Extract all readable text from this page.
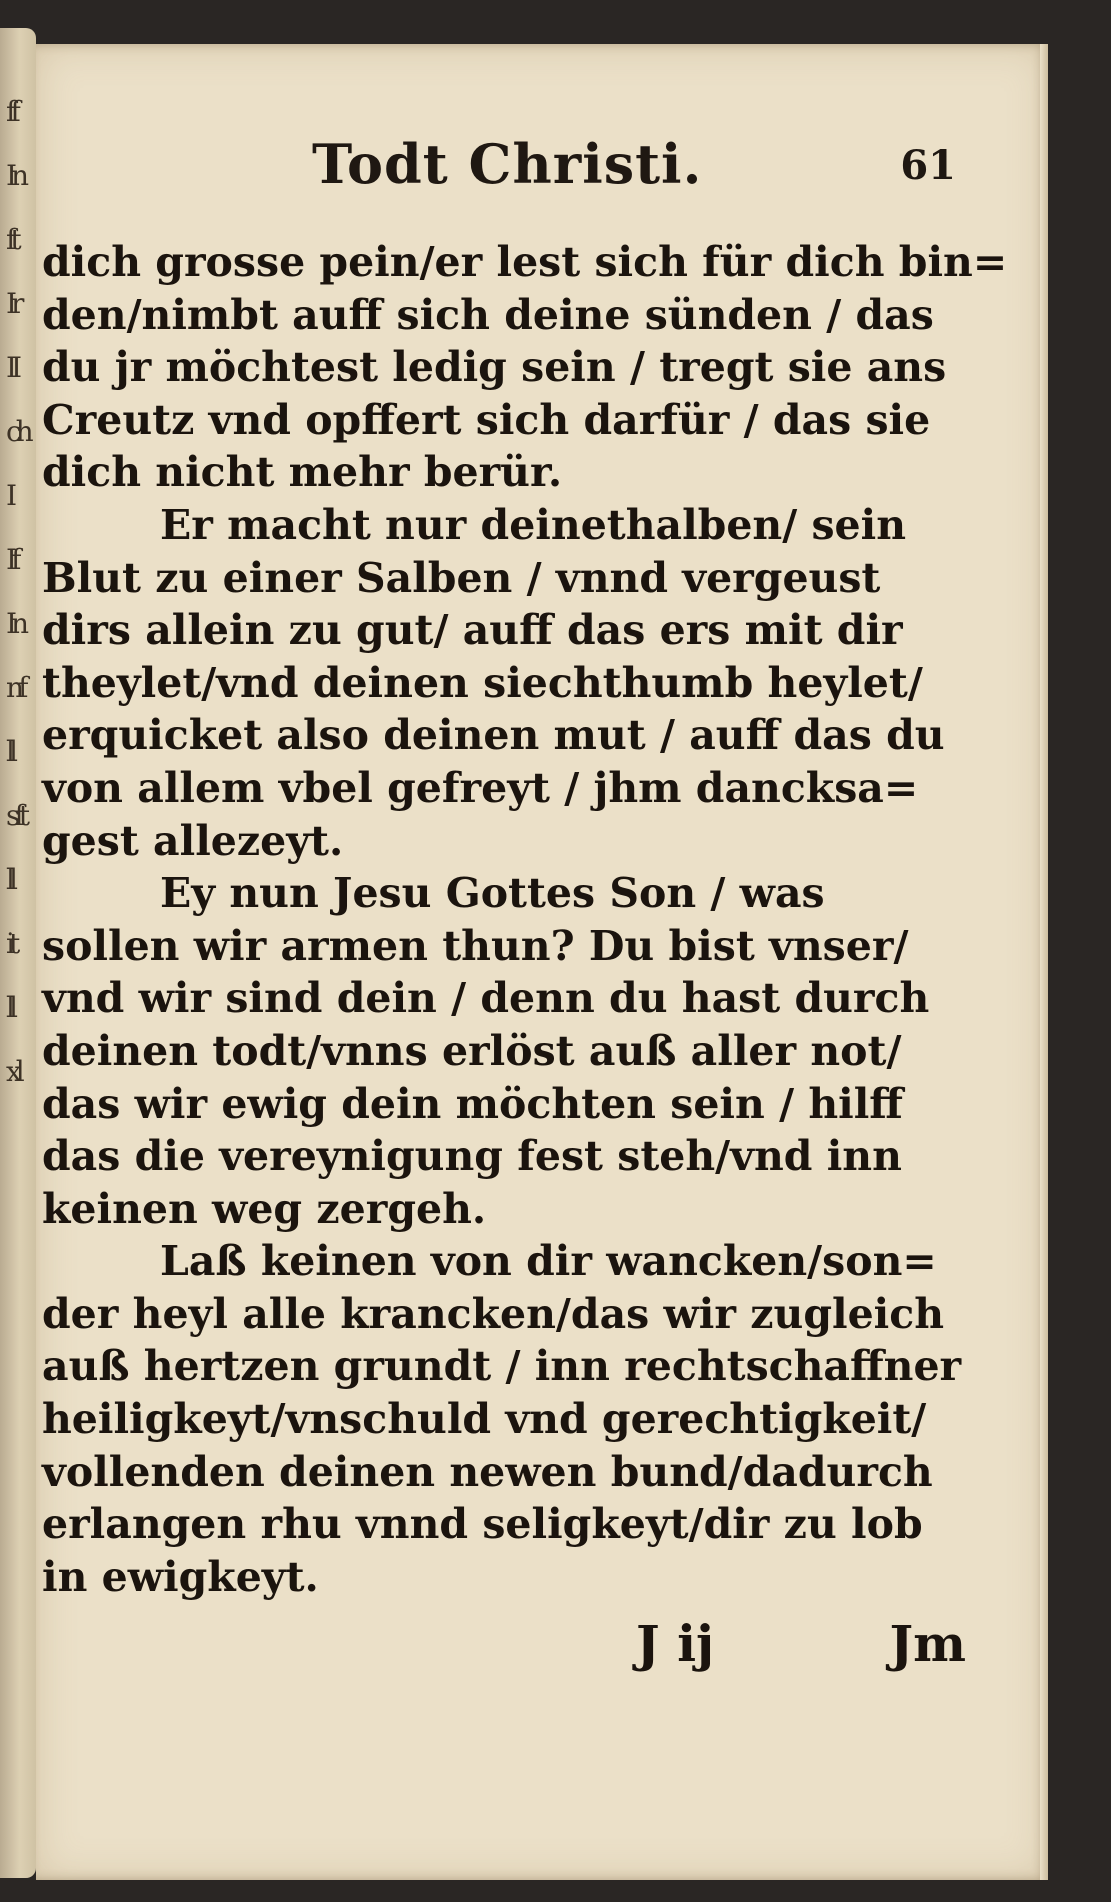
ff
In
ft
Ir
II
ch
I
If
In
nf
ll
sft
ll
it
ll
xl
Todt Christi.	61
dich grosse pein/er lest sich für dich bin=
den/nimbt auff sich deine sünden / das
du jr möchtest ledig sein / tregt sie ans
Creutz vnd opffert sich darfür / das sie
dich nicht mehr berür.
Er macht nur deinethalben/ sein
Blut zu einer Salben / vnnd vergeust
dirs allein zu gut/ auff das ers mit dir
theylet/vnd deinen siechthumb heylet/
erquicket also deinen mut / auff das du
von allem vbel gefreyt / jhm dancksa=
gest allezeyt.
Ey nun Jesu Gottes Son / was
sollen wir armen thun? Du bist vnser/
vnd wir sind dein / denn du hast durch
deinen todt/vnns erlöst auß aller not/
das wir ewig dein möchten sein / hilff
das die vereynigung fest steh/vnd inn
keinen weg zergeh.
Laß keinen von dir wancken/son=
der heyl alle krancken/das wir zugleich
auß hertzen grundt / inn rechtschaffner
heiligkeyt/vnschuld vnd gerechtigkeit/
vollenden deinen newen bund/dadurch
erlangen rhu vnnd seligkeyt/dir zu lob
in ewigkeyt.
J ij	Jm
